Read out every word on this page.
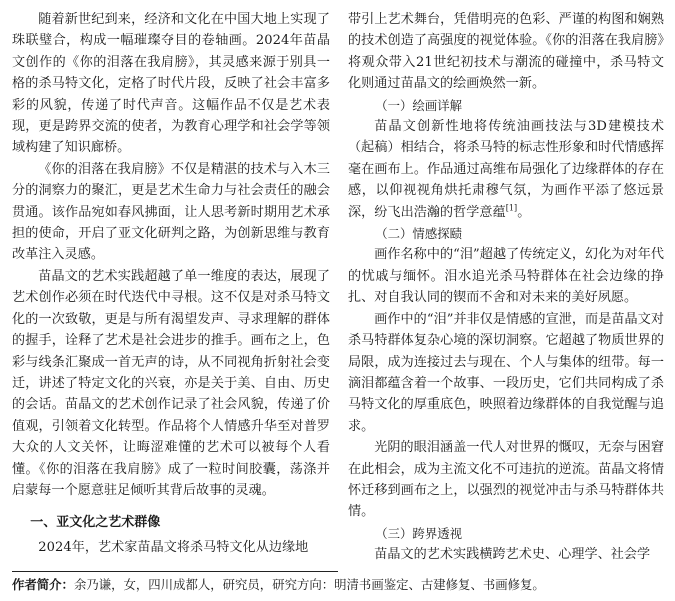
随着新世纪到来，经济和文化在中国大地上实现了珠联璧合，构成一幅璀璨夺目的卷轴画。2024年苗晶文创作的《你的泪落在我肩膀》，其灵感来源于别具一格的杀马特文化，定格了时代片段，反映了社会丰富多彩的风貌，传递了时代声音。这幅作品不仅是艺术表现，更是跨界交流的使者，为教育心理学和社会学等领域构建了知识廊桥。

《你的泪落在我肩膀》不仅是精湛的技术与入木三分的洞察力的聚汇，更是艺术生命力与社会责任的融会贯通。该作品宛如春风拂面，让人思考新时期用艺术承担的使命，开启了亚文化研判之路，为创新思维与教育改革注入灵感。

苗晶文的艺术实践超越了单一维度的表达，展现了艺术创作必须在时代迭代中寻根。这不仅是对杀马特文化的一次致敬，更是与所有渴望发声、寻求理解的群体的握手，诠释了艺术是社会进步的推手。画布之上，色彩与线条汇聚成一首无声的诗，从不同视角折射社会变迁，讲述了特定文化的兴衰，亦是关于美、自由、历史的会话。苗晶文的艺术创作记录了社会风貌，传递了价值观，引领着文化转型。作品将个人情感升华至对普罗大众的人文关怀，让晦涩难懂的艺术可以被每个人看懂。《你的泪落在我肩膀》成了一粒时间胶囊，荡涤并启蒙每一个愿意驻足倾听其背后故事的灵魂。

一、亚文化之艺术群像

2024年，艺术家苗晶文将杀马特文化从边缘地

带引上艺术舞台，凭借明亮的色彩、严谨的构图和娴熟的技术创造了高强度的视觉体验。《你的泪落在我肩膀》将观众带入21世纪初技术与潮流的碰撞中，杀马特文化则通过苗晶文的绘画焕然一新。

（一）绘画详解

苗晶文创新性地将传统油画技法与3D建模技术（起稿）相结合，将杀马特的标志性形象和时代情感挥毫在画布上。作品通过高维布局强化了边缘群体的存在感，以仰视视角烘托肃穆气氛，为画作平添了悠远景深，纷飞出浩瀚的哲学意蕴[1]。

（二）情感探赜

画作名称中的“泪”超越了传统定义，幻化为对年代的忧戚与缅怀。泪水追光杀马特群体在社会边缘的挣扎、对自我认同的锲而不舍和对未来的美好夙愿。

画作中的“泪”并非仅是情感的宣泄，而是苗晶文对杀马特群体复杂心境的深切洞察。它超越了物质世界的局限，成为连接过去与现在、个人与集体的纽带。每一滴泪都蕴含着一个故事、一段历史，它们共同构成了杀马特文化的厚重底色，映照着边缘群体的自我觉醒与追求。

光阴的眼泪涵盖一代人对世界的慨叹，无奈与困窘在此相会，成为主流文化不可违抗的逆流。苗晶文将情怀迁移到画布之上，以强烈的视觉冲击与杀马特群体共情。

（三）跨界透视

苗晶文的艺术实践横跨艺术史、心理学、社会学

作者简介：余乃谦，女，四川成都人，研究员，研究方向：明清书画鉴定、古建修复、书画修复。
